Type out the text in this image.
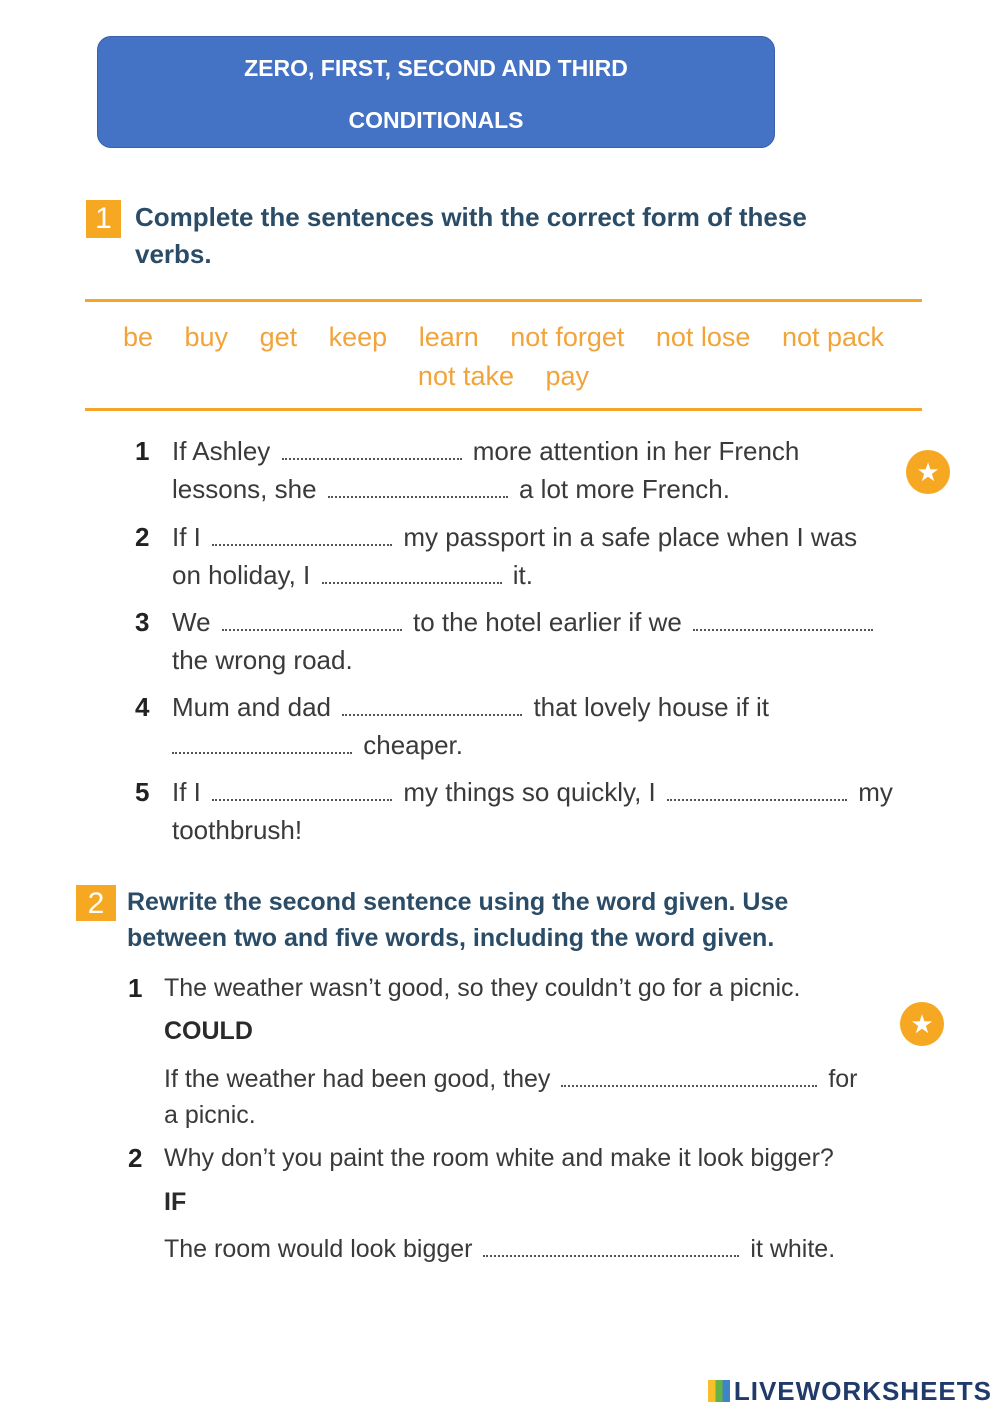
ZERO, FIRST, SECOND AND THIRD
CONDITIONALS
1 Complete the sentences with the correct form of these
verbs.
be buy get keep learn not forget not lose not pack
not take pay
1 If Ashley	more attention in her French
lessons, she	a lot more French.
2 If I	my passport in a safe place when I was
on holiday, I	it.
3 We	to the hotel earlier if we
the wrong road.
4 Mum and dad	that lovely house if it
cheaper.
5 If I	my things so quickly, I	my
toothbrush!
★
2 Rewrite the second sentence using the word given. Use
between two and five words, including the word given.
1 The weather wasn’t good, so they couldn’t go for a picnic.
COULD
If the weather had been good, they	for
a picnic.
★
2 Why don’t you paint the room white and make it look bigger?
IF
The room would look bigger	it white.
LIVEWORKSHEETS
